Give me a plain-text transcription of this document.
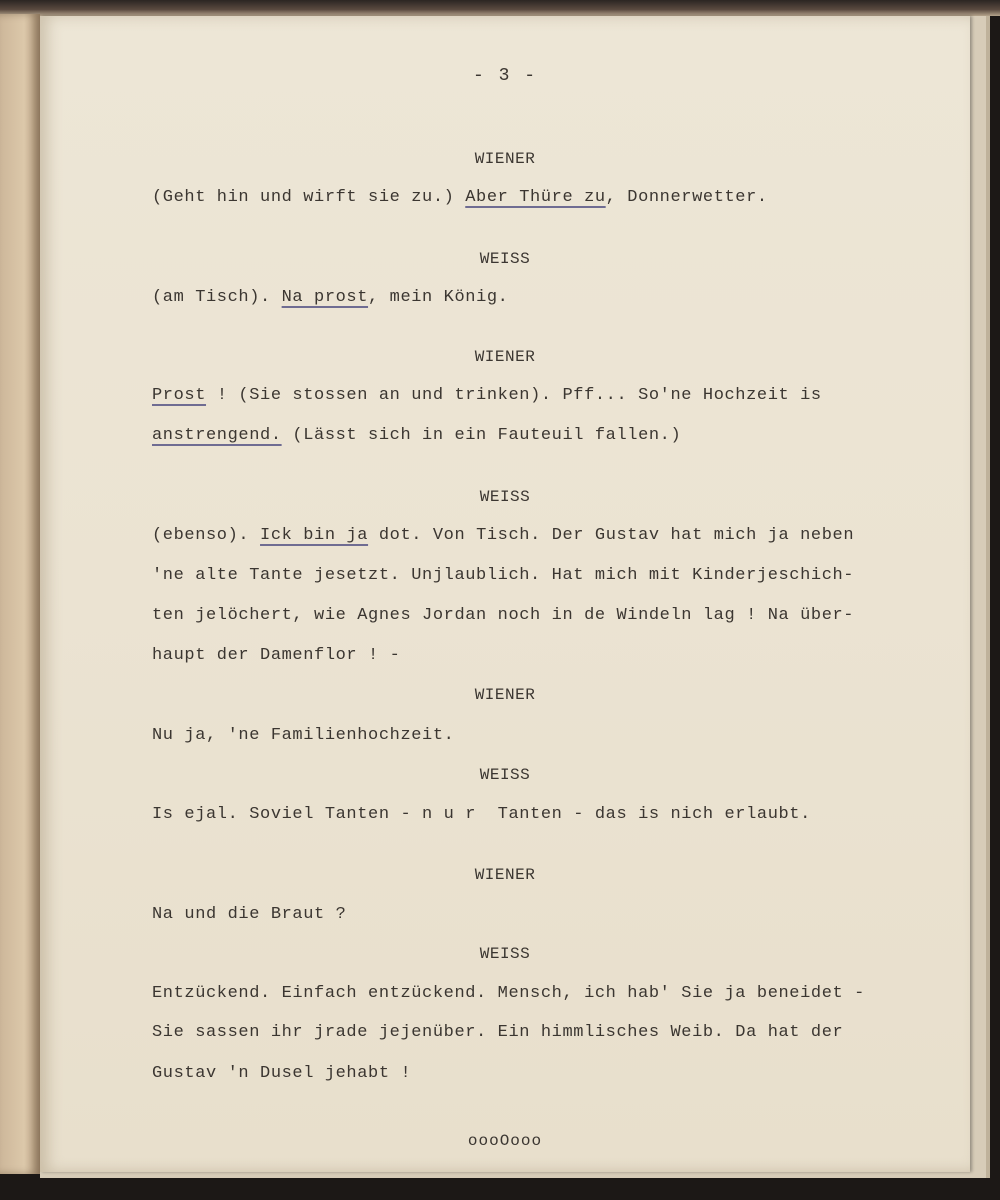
- 3 -
WIENER
(Geht hin und wirft sie zu.) Aber Thüre zu, Donnerwetter.
WEISS
(am Tisch). Na prost, mein König.
WIENER
Prost ! (Sie stossen an und trinken). Pff... So'ne Hochzeit is
anstrengend. (Lässt sich in ein Fauteuil fallen.)
WEISS
(ebenso). Ick bin ja dot. Von Tisch. Der Gustav hat mich ja neben
'ne alte Tante jesetzt. Unjlaublich. Hat mich mit Kinderjeschich-
ten jelöchert, wie Agnes Jordan noch in de Windeln lag ! Na über-
haupt der Damenflor ! -
WIENER
Nu ja, 'ne Familienhochzeit.
WEISS
Is ejal. Soviel Tanten - n u r  Tanten - das is nich erlaubt.
WIENER
Na und die Braut ?
WEISS
Entzückend. Einfach entzückend. Mensch, ich hab' Sie ja beneidet -
Sie sassen ihr jrade jejenüber. Ein himmlisches Weib. Da hat der
Gustav 'n Dusel jehabt !
oooOooo
